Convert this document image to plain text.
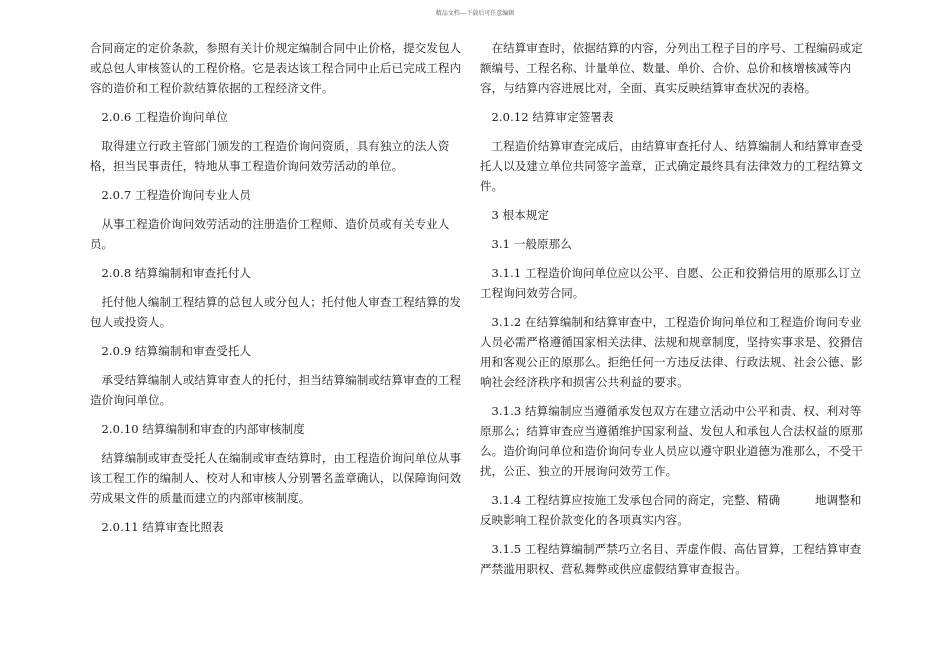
精品文档---下载后可任意编辑

合同商定的定价条款，参照有关计价规定编制合同中止价格，提交发包人或总包人审核签认的工程价格。它是表达该工程合同中止后已完成工程内容的造价和工程价款结算依据的工程经济文件。

2.0.6 工程造价询问单位

取得建立行政主管部门颁发的工程造价询问资质，具有独立的法人资格，担当民事责任，特地从事工程造价询问效劳活动的单位。

2.0.7 工程造价询问专业人员

从事工程造价询问效劳活动的注册造价工程师、造价员或有关专业人员。

2.0.8 结算编制和审查托付人

托付他人编制工程结算的总包人或分包人；托付他人审查工程结算的发包人或投资人。

2.0.9 结算编制和审查受托人

承受结算编制人或结算审查人的托付，担当结算编制或结算审查的工程造价询问单位。

2.0.10 结算编制和审查的内部审核制度

结算编制或审查受托人在编制或审查结算时，由工程造价询问单位从事该工程工作的编制人、校对人和审核人分别署名盖章确认，以保障询问效劳成果文件的质量而建立的内部审核制度。

2.0.11 结算审查比照表

在结算审查时，依据结算的内容，分列出工程子目的序号、工程编码或定额编号、工程名称、计量单位、数量、单价、合价、总价和核增核减等内容，与结算内容进展比对，全面、真实反映结算审查状况的表格。

2.0.12 结算审定签署表

工程造价结算审查完成后，由结算审查托付人、结算编制人和结算审查受托人以及建立单位共同签字盖章，正式确定最终具有法律效力的工程结算文件。

3 根本规定

3.1 一般原那么

3.1.1 工程造价询问单位应以公平、自愿、公正和狡猾信用的原那么订立工程询问效劳合同。

3.1.2 在结算编制和结算审查中，工程造价询问单位和工程造价询问专业人员必需严格遵循国家相关法律、法规和规章制度，坚持实事求是、狡猾信用和客观公正的原那么。拒绝任何一方违反法律、行政法规、社会公德、影响社会经济秩序和损害公共利益的要求。

3.1.3 结算编制应当遵循承发包双方在建立活动中公平和责、权、利对等原那么；结算审查应当遵循维护国家利益、发包人和承包人合法权益的原那么。造价询问单位和造价询问专业人员应以遵守职业道德为准那么，不受干扰，公正、独立的开展询问效劳工作。

3.1.4 工程结算应按施工发承包合同的商定，完整、精确　　　地调整和反映影响工程价款变化的各项真实内容。

3.1.5 工程结算编制严禁巧立名目、弄虚作假、高估冒算，工程结算审查严禁滥用职权、营私舞弊或供应虚假结算审查报告。
